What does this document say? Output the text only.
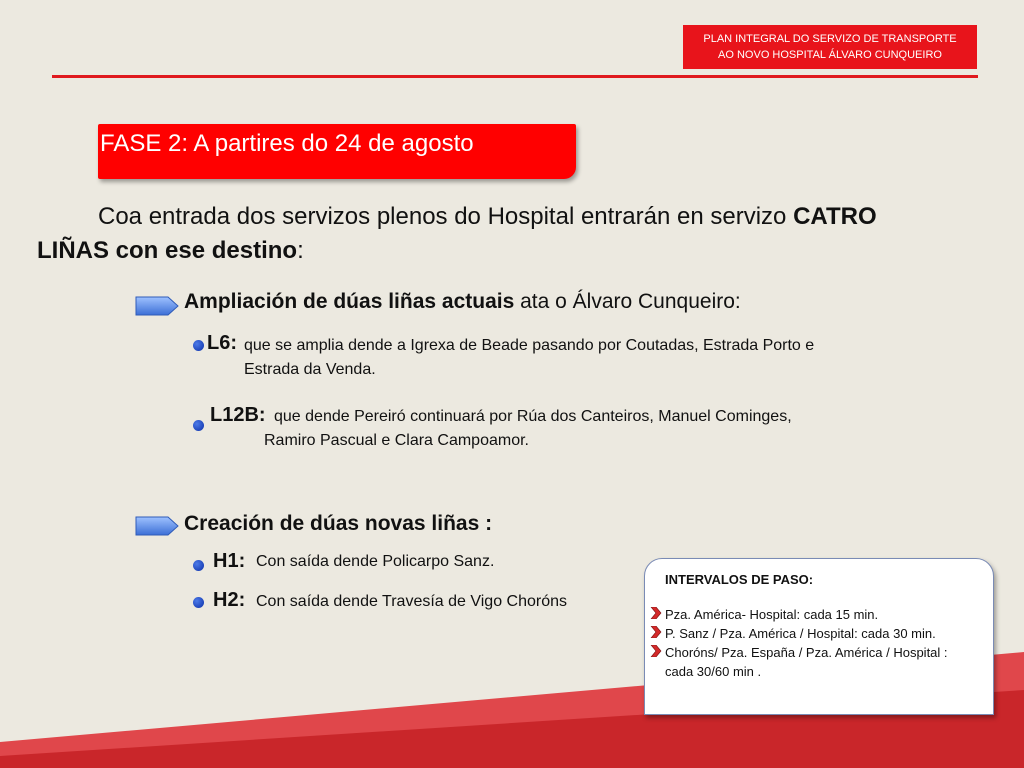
PLAN INTEGRAL DO SERVIZO DE TRANSPORTE
AO NOVO HOSPITAL ÁLVARO CUNQUEIRO
FASE 2: A partires do 24 de agosto
Coa entrada dos servizos plenos do Hospital entrarán en servizo CATRO
LIÑAS con ese destino:
Ampliación de dúas liñas actuais ata o Álvaro Cunqueiro:
L6: que se amplia dende a Igrexa de Beade pasando por Coutadas, Estrada Porto e
Estrada da Venda.
L12B: que dende Pereiró continuará por Rúa dos Canteiros, Manuel Cominges,
Ramiro Pascual e Clara Campoamor.
Creación de dúas novas liñas :
H1: Con saída dende Policarpo Sanz.
H2: Con saída dende Travesía de Vigo Choróns
INTERVALOS DE PASO:
Pza. América- Hospital: cada 15 min.
P. Sanz / Pza. América / Hospital: cada 30 min.
Choróns/ Pza. España / Pza. América / Hospital :
cada 30/60 min .
